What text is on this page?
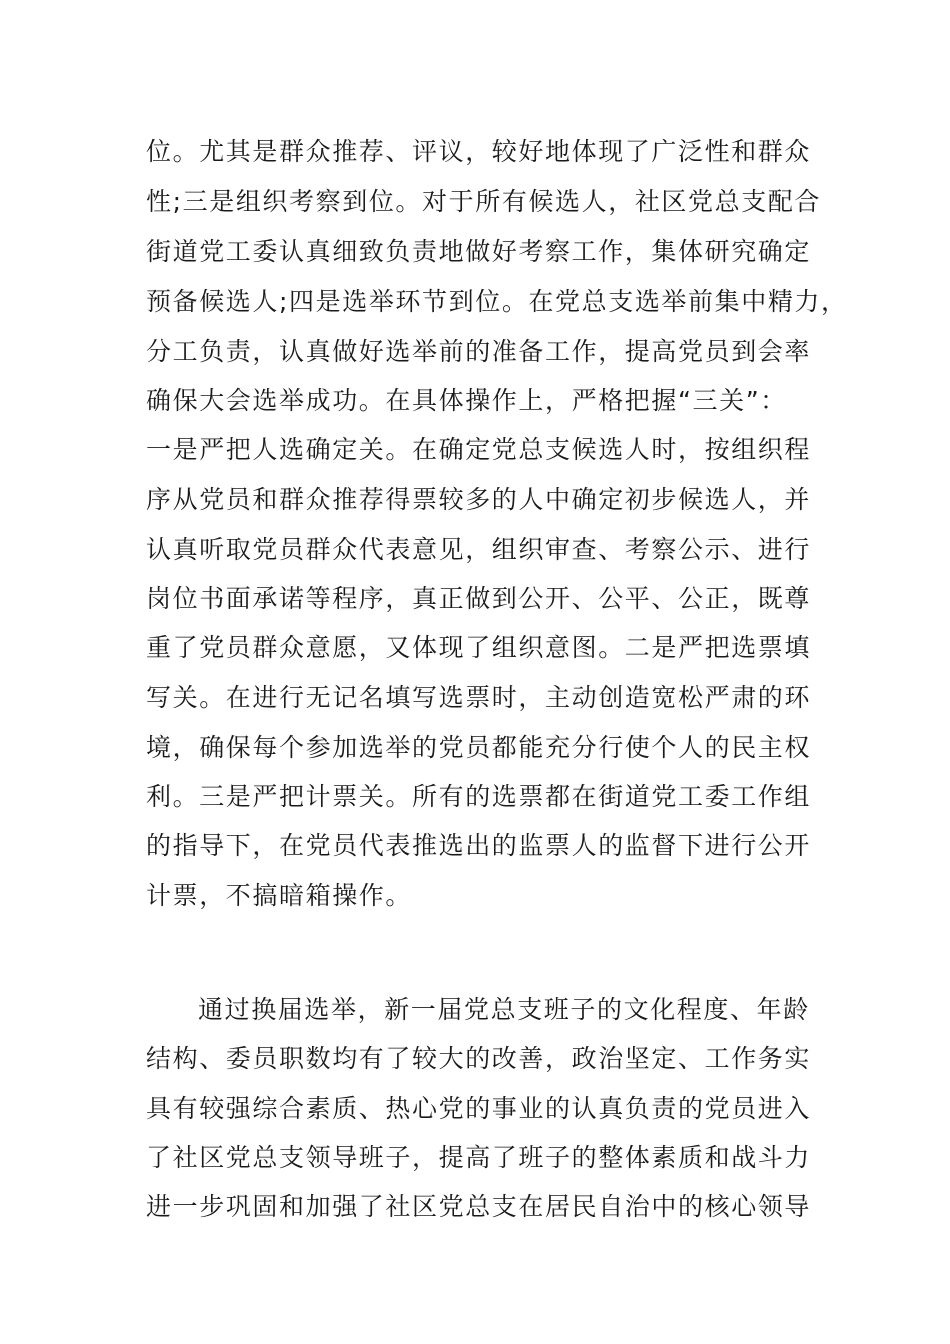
位。尤其是群众推荐、评议，较好地体现了广泛性和群众
性;三是组织考察到位。对于所有候选人，社区党总支配合
街道党工委认真细致负责地做好考察工作，集体研究确定
预备候选人;四是选举环节到位。在党总支选举前集中精力，
分工负责，认真做好选举前的准备工作，提高党员到会率
确保大会选举成功。在具体操作上，严格把握“三关”：
一是严把人选确定关。在确定党总支候选人时，按组织程
序从党员和群众推荐得票较多的人中确定初步候选人，并
认真听取党员群众代表意见，组织审查、考察公示、进行
岗位书面承诺等程序，真正做到公开、公平、公正，既尊
重了党员群众意愿，又体现了组织意图。二是严把选票填
写关。在进行无记名填写选票时，主动创造宽松严肃的环
境，确保每个参加选举的党员都能充分行使个人的民主权
利。三是严把计票关。所有的选票都在街道党工委工作组
的指导下，在党员代表推选出的监票人的监督下进行公开
计票，不搞暗箱操作。
通过换届选举，新一届党总支班子的文化程度、年龄
结构、委员职数均有了较大的改善，政治坚定、工作务实
具有较强综合素质、热心党的事业的认真负责的党员进入
了社区党总支领导班子，提高了班子的整体素质和战斗力
进一步巩固和加强了社区党总支在居民自治中的核心领导
